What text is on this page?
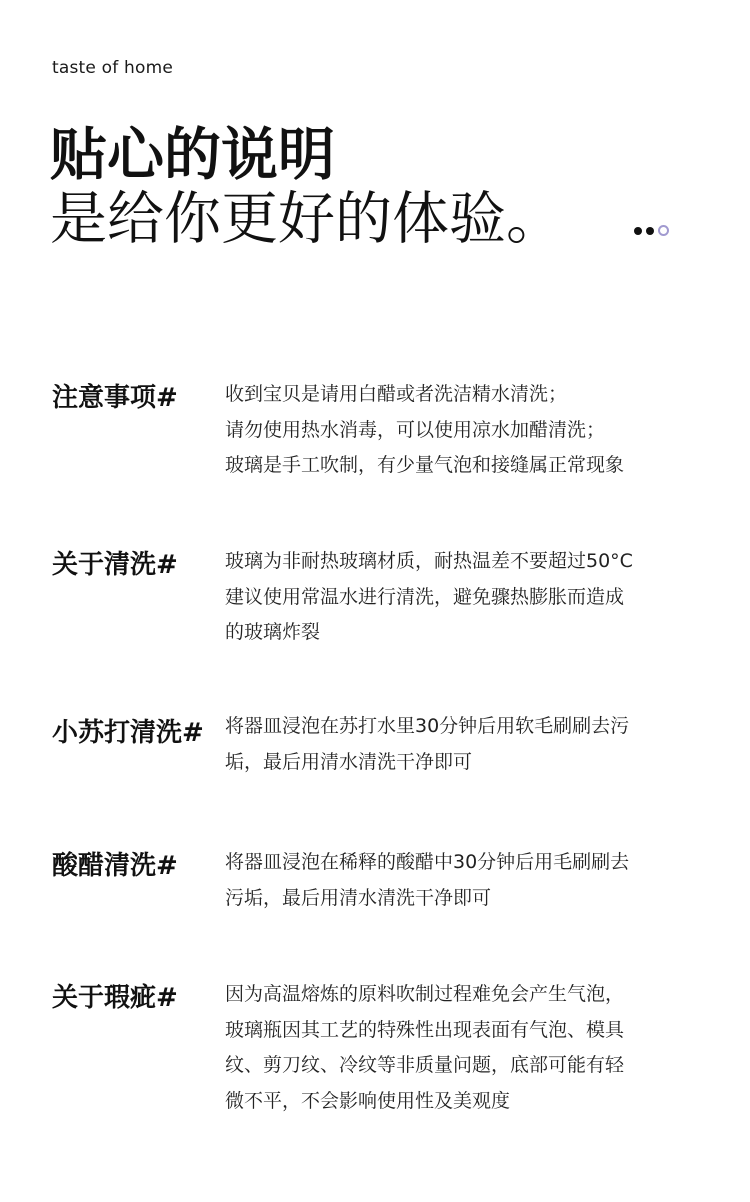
taste of home
贴心的说明
是给你更好的体验。
注意事项# 收到宝贝是请用白醋或者洗洁精水清洗；
请勿使用热水消毒，可以使用凉水加醋清洗；
玻璃是手工吹制，有少量气泡和接缝属正常现象
关于清洗# 玻璃为非耐热玻璃材质，耐热温差不要超过50°C
建议使用常温水进行清洗，避免骤热膨胀而造成
的玻璃炸裂
小苏打清洗# 将器皿浸泡在苏打水里30分钟后用软毛刷刷去污
垢，最后用清水清洗干净即可
酸醋清洗# 将器皿浸泡在稀释的酸醋中30分钟后用毛刷刷去
污垢，最后用清水清洗干净即可
关于瑕疵# 因为高温熔炼的原料吹制过程难免会产生气泡，
玻璃瓶因其工艺的特殊性出现表面有气泡、模具
纹、剪刀纹、冷纹等非质量问题，底部可能有轻
微不平，不会影响使用性及美观度
